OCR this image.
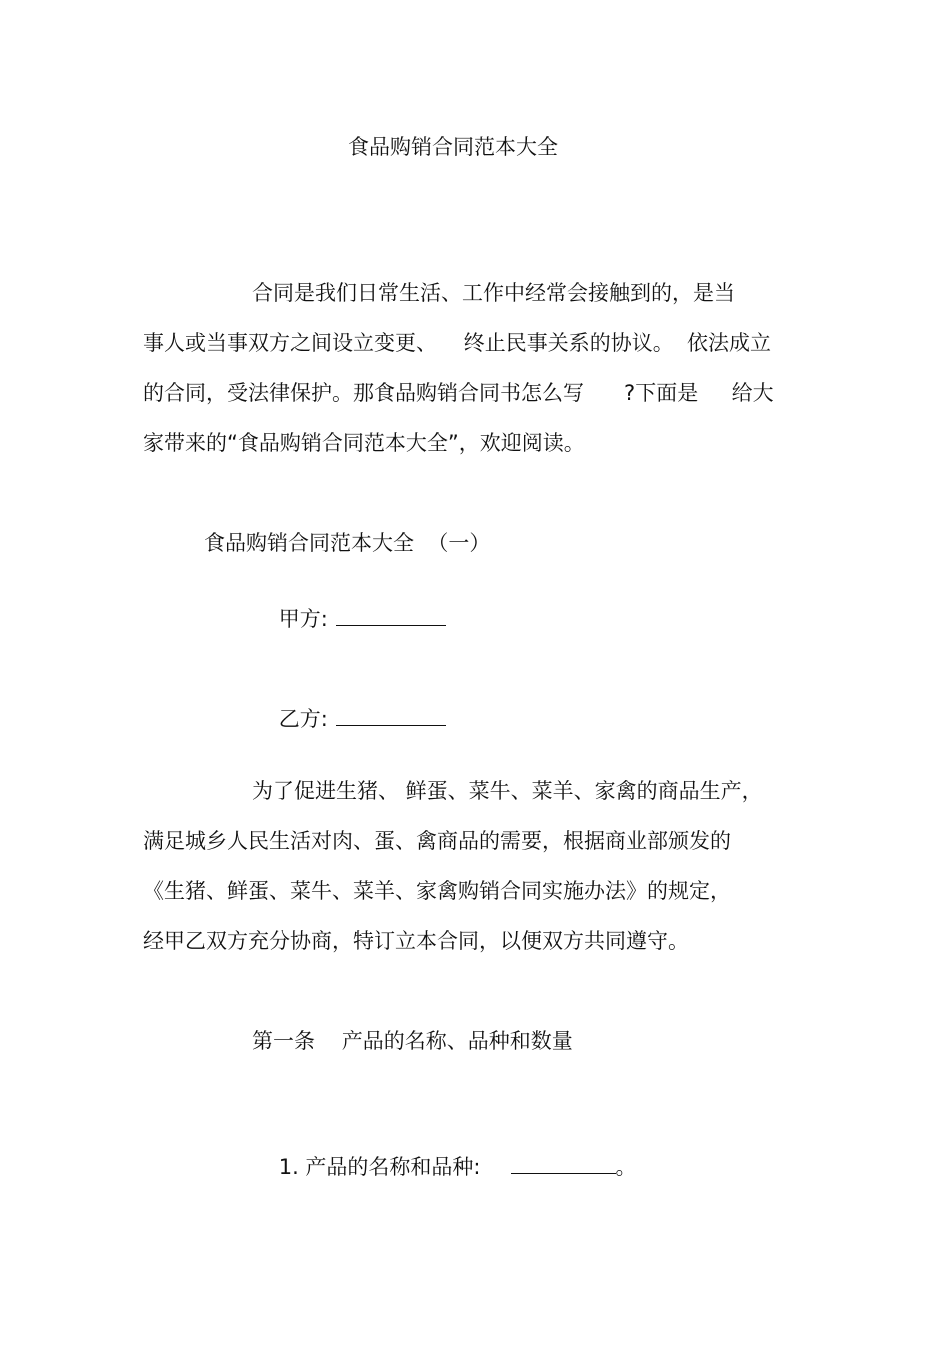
食品购销合同范本大全
合同是我们日常生活、工作中经常会接触到的，是当
事人或当事双方之间设立变更、    终止民事关系的协议。  依法成立
的合同，受法律保护。那食品购销合同书怎么写      ?下面是     给大
家带来的“食品购销合同范本大全”，欢迎阅读。
食品购销合同范本大全  （一）

甲方:

乙方:

为了促进生猪、 鲜蛋、菜牛、菜羊、家禽的商品生产，
满足城乡人民生活对肉、蛋、禽商品的需要，根据商业部颁发的
《生猪、鲜蛋、菜牛、菜羊、家禽购销合同实施办法》的规定，
经甲乙双方充分协商，特订立本合同，以便双方共同遵守。
第一条    产品的名称、品种和数量

1. 产品的名称和品种:	。
